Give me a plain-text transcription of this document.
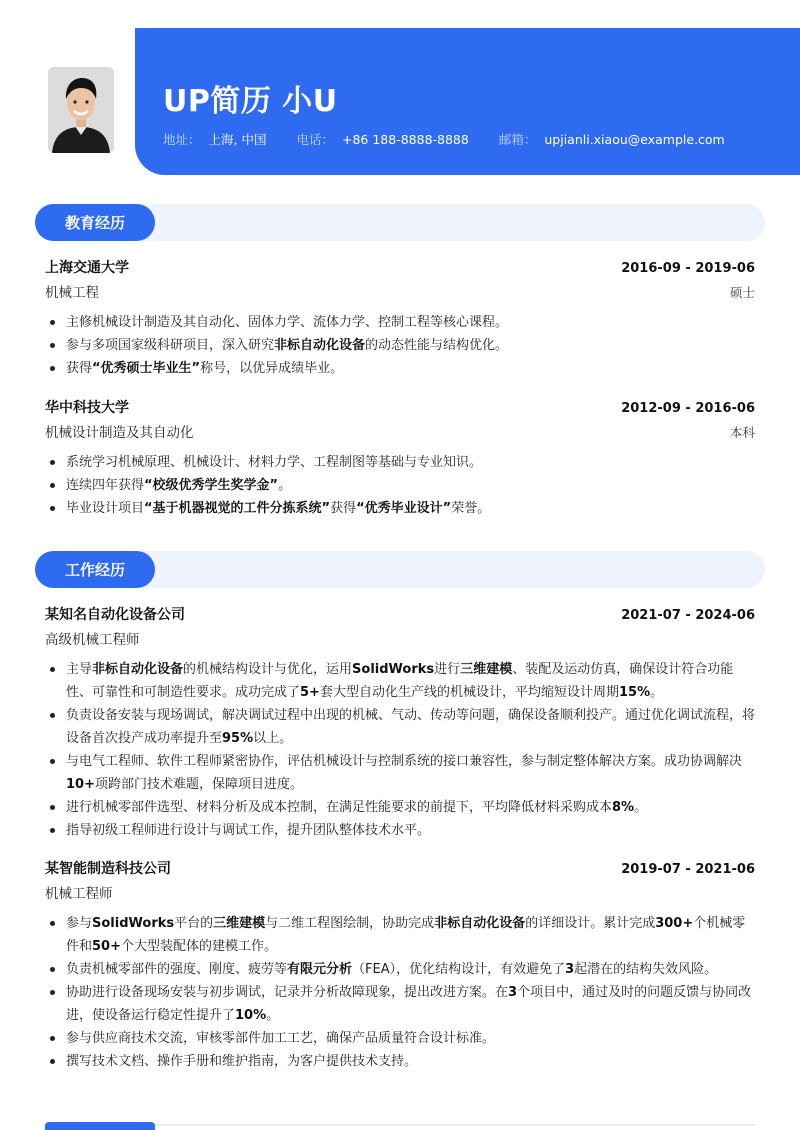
UP简历 小U
地址： 上海, 中国 电话： +86 188-8888-8888 邮箱： upjianli.xiaou@example.com
教育经历
上海交通大学	2016-09 - 2019-06
机械工程	硕士
主修机械设计制造及其自动化、固体力学、流体力学、控制工程等核心课程。
参与多项国家级科研项目，深入研究非标自动化设备的动态性能与结构优化。
获得“优秀硕士毕业生”称号，以优异成绩毕业。
华中科技大学	2012-09 - 2016-06
机械设计制造及其自动化	本科
系统学习机械原理、机械设计、材料力学、工程制图等基础与专业知识。
连续四年获得“校级优秀学生奖学金”。
毕业设计项目“基于机器视觉的工件分拣系统”获得“优秀毕业设计”荣誉。
工作经历
某知名自动化设备公司	2021-07 - 2024-06
高级机械工程师
主导非标自动化设备的机械结构设计与优化，运用SolidWorks进行三维建模、装配及运动仿真，确保设计符合功能性、可靠性和可制造性要求。成功完成了5+套大型自动化生产线的机械设计，平均缩短设计周期15%。
负责设备安装与现场调试，解决调试过程中出现的机械、气动、传动等问题，确保设备顺利投产。通过优化调试流程，将设备首次投产成功率提升至95%以上。
与电气工程师、软件工程师紧密协作，评估机械设计与控制系统的接口兼容性，参与制定整体解决方案。成功协调解决10+项跨部门技术难题，保障项目进度。
进行机械零部件选型、材料分析及成本控制，在满足性能要求的前提下，平均降低材料采购成本8%。
指导初级工程师进行设计与调试工作，提升团队整体技术水平。
某智能制造科技公司	2019-07 - 2021-06
机械工程师
参与SolidWorks平台的三维建模与二维工程图绘制，协助完成非标自动化设备的详细设计。累计完成300+个机械零件和50+个大型装配体的建模工作。
负责机械零部件的强度、刚度、疲劳等有限元分析（FEA），优化结构设计，有效避免了3起潜在的结构失效风险。
协助进行设备现场安装与初步调试，记录并分析故障现象，提出改进方案。在3个项目中，通过及时的问题反馈与协同改进，使设备运行稳定性提升了10%。
参与供应商技术交流，审核零部件加工工艺，确保产品质量符合设计标准。
撰写技术文档、操作手册和维护指南，为客户提供技术支持。
